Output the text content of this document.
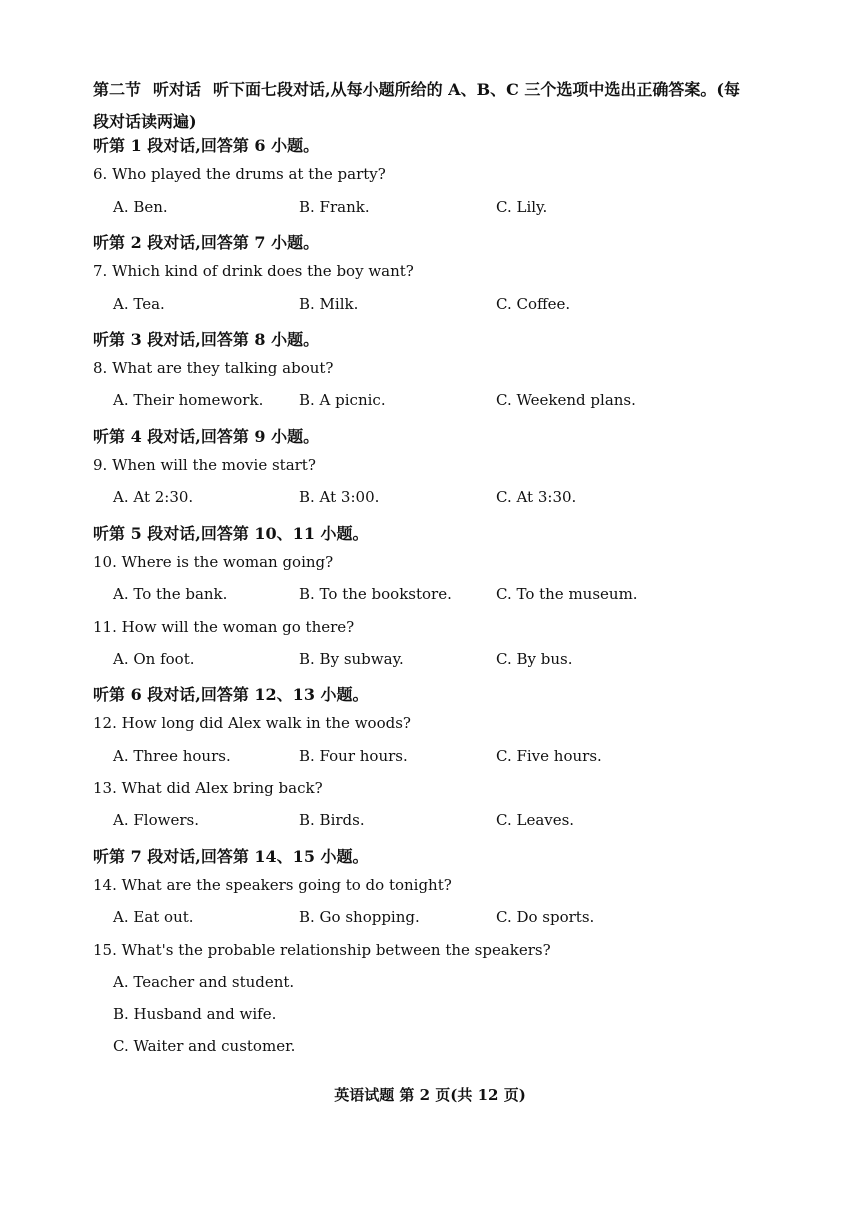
第二节 听对话 听下面七段对话,从每小题所给的 A、B、C 三个选项中选出正确答案。(每段对话读两遍)
听第 1 段对话,回答第 6 小题。
6. Who played the drums at the party?
A. Ben.	B. Frank.	C. Lily.
听第 2 段对话,回答第 7 小题。
7. Which kind of drink does the boy want?
A. Tea.	B. Milk.	C. Coffee.
听第 3 段对话,回答第 8 小题。
8. What are they talking about?
A. Their homework. B. A picnic.	C. Weekend plans.
听第 4 段对话,回答第 9 小题。
9. When will the movie start?
A. At 2:30.	B. At 3:00.	C. At 3:30.
听第 5 段对话,回答第 10、11 小题。
10. Where is the woman going?
A. To the bank.	B. To the bookstore.	C. To the museum.
11. How will the woman go there?
A. On foot.	B. By subway.	C. By bus.
听第 6 段对话,回答第 12、13 小题。
12. How long did Alex walk in the woods?
A. Three hours.	B. Four hours.	C. Five hours.
13. What did Alex bring back?
A. Flowers.	B. Birds.	C. Leaves.
听第 7 段对话,回答第 14、15 小题。
14. What are the speakers going to do tonight?
A. Eat out.	B. Go shopping.	C. Do sports.
15. What's the probable relationship between the speakers?
A. Teacher and student.
B. Husband and wife.
C. Waiter and customer.
英语试题 第 2 页(共 12 页)
